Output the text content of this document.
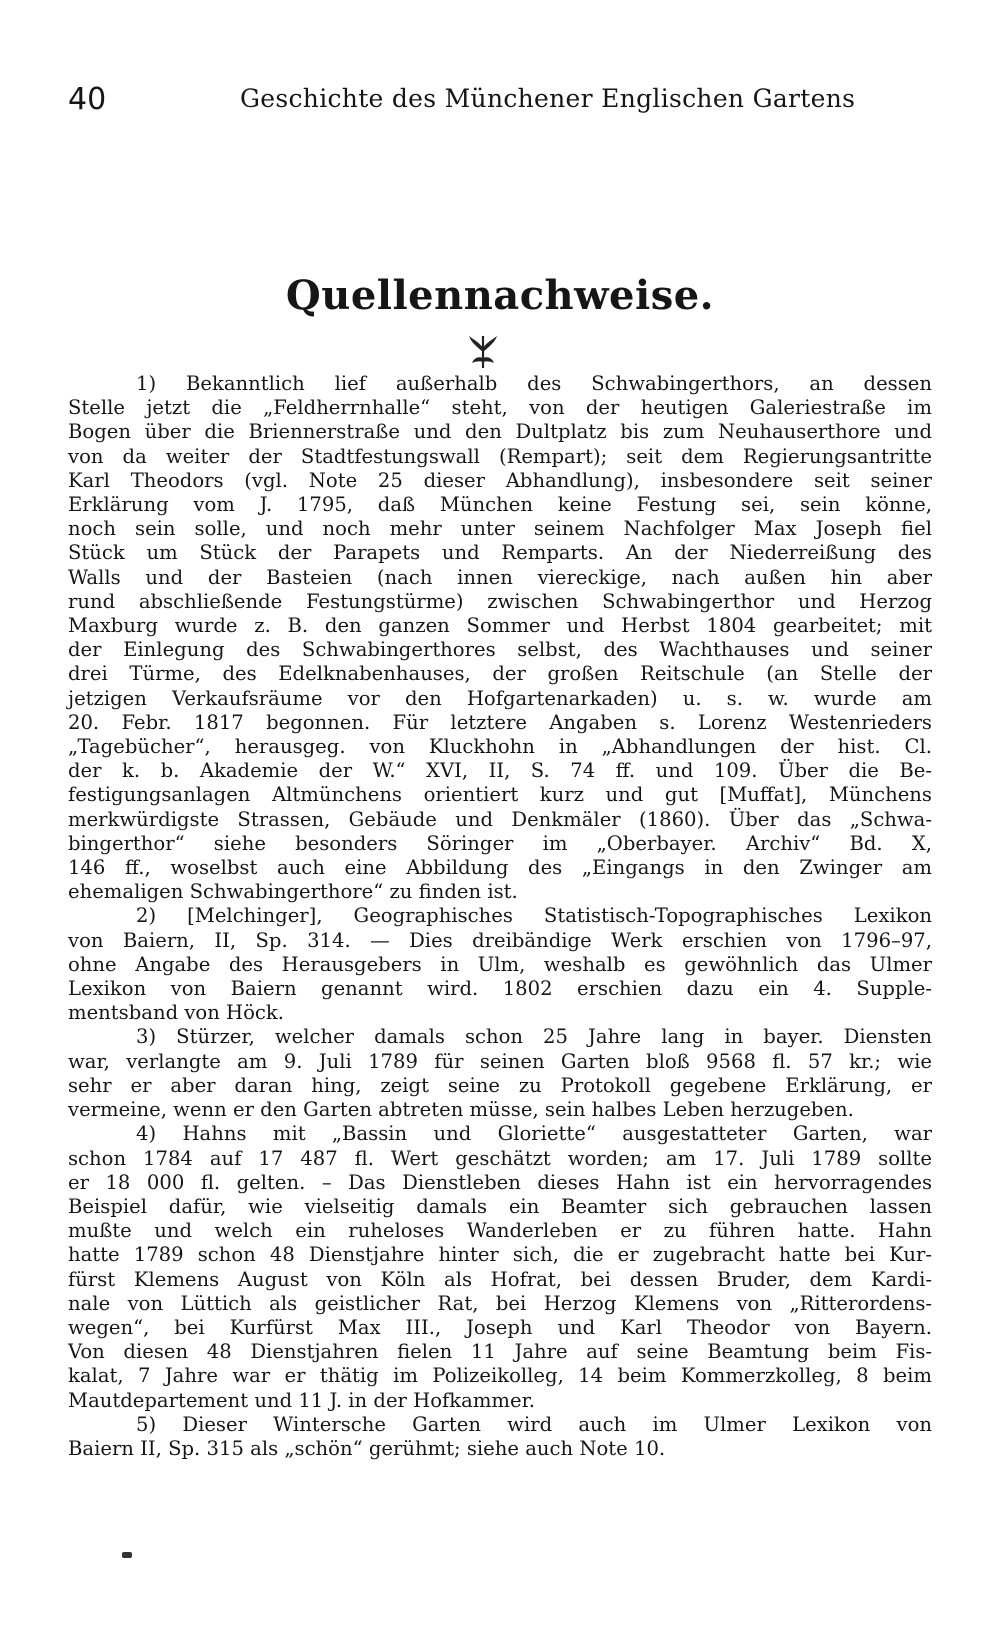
40	Geschichte des Münchener Englischen Gartens
Quellennachweise.
1) Bekanntlich lief außerhalb des Schwabingerthors, an dessen
Stelle jetzt die „Feldherrnhalle“ steht, von der heutigen Galeriestraße im
Bogen über die Briennerstraße und den Dultplatz bis zum Neuhauserthore und
von da weiter der Stadtfestungswall (Rempart); seit dem Regierungsantritte
Karl Theodors (vgl. Note 25 dieser Abhandlung), insbesondere seit seiner
Erklärung vom J. 1795, daß München keine Festung sei, sein könne,
noch sein solle, und noch mehr unter seinem Nachfolger Max Joseph fiel
Stück um Stück der Parapets und Remparts. An der Niederreißung des
Walls und der Basteien (nach innen viereckige, nach außen hin aber
rund abschließende Festungstürme) zwischen Schwabingerthor und Herzog
Maxburg wurde z. B. den ganzen Sommer und Herbst 1804 gearbeitet; mit
der Einlegung des Schwabingerthores selbst, des Wachthauses und seiner
drei Türme, des Edelknabenhauses, der großen Reitschule (an Stelle der
jetzigen Verkaufsräume vor den Hofgartenarkaden) u. s. w. wurde am
20. Febr. 1817 begonnen. Für letztere Angaben s. Lorenz Westenrieders
„Tagebücher“, herausgeg. von Kluckhohn in „Abhandlungen der hist. Cl.
der k. b. Akademie der W.“ XVI, II, S. 74 ff. und 109. Über die Be-
festigungsanlagen Altmünchens orientiert kurz und gut [Muffat], Münchens
merkwürdigste Strassen, Gebäude und Denkmäler (1860). Über das „Schwa-
bingerthor“ siehe besonders Söringer im „Oberbayer. Archiv“ Bd. X,
146 ff., woselbst auch eine Abbildung des „Eingangs in den Zwinger am
ehemaligen Schwabingerthore“ zu finden ist.
2) [Melchinger], Geographisches Statistisch-Topographisches Lexikon
von Baiern, II, Sp. 314. — Dies dreibändige Werk erschien von 1796–97,
ohne Angabe des Herausgebers in Ulm, weshalb es gewöhnlich das Ulmer
Lexikon von Baiern genannt wird. 1802 erschien dazu ein 4. Supple-
mentsband von Höck.
3) Stürzer, welcher damals schon 25 Jahre lang in bayer. Diensten
war, verlangte am 9. Juli 1789 für seinen Garten bloß 9568 fl. 57 kr.; wie
sehr er aber daran hing, zeigt seine zu Protokoll gegebene Erklärung, er
vermeine, wenn er den Garten abtreten müsse, sein halbes Leben herzugeben.
4) Hahns mit „Bassin und Gloriette“ ausgestatteter Garten, war
schon 1784 auf 17 487 fl. Wert geschätzt worden; am 17. Juli 1789 sollte
er 18 000 fl. gelten. – Das Dienstleben dieses Hahn ist ein hervorragendes
Beispiel dafür, wie vielseitig damals ein Beamter sich gebrauchen lassen
mußte und welch ein ruheloses Wanderleben er zu führen hatte. Hahn
hatte 1789 schon 48 Dienstjahre hinter sich, die er zugebracht hatte bei Kur-
fürst Klemens August von Köln als Hofrat, bei dessen Bruder, dem Kardi-
nale von Lüttich als geistlicher Rat, bei Herzog Klemens von „Ritterordens-
wegen“, bei Kurfürst Max III., Joseph und Karl Theodor von Bayern.
Von diesen 48 Dienstjahren fielen 11 Jahre auf seine Beamtung beim Fis-
kalat, 7 Jahre war er thätig im Polizeikolleg, 14 beim Kommerzkolleg, 8 beim
Mautdepartement und 11 J. in der Hofkammer.
5) Dieser Wintersche Garten wird auch im Ulmer Lexikon von
Baiern II, Sp. 315 als „schön“ gerühmt; siehe auch Note 10.
